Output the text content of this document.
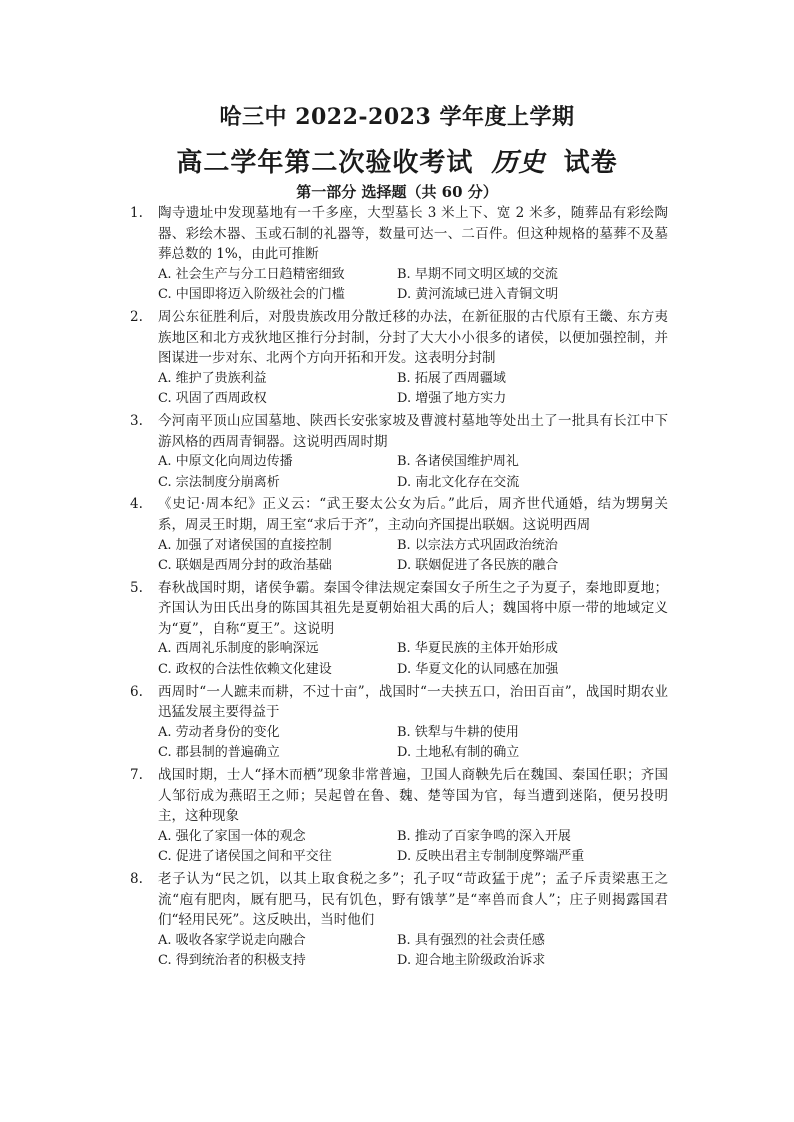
哈三中 2022-2023 学年度上学期
高二学年第二次验收考试 历史 试卷
第一部分 选择题（共 60 分）
1. 陶寺遗址中发现墓地有一千多座，大型墓长 3 米上下、宽 2 米多，随葬品有彩绘陶器、彩绘木器、玉或石制的礼器等，数量可达一、二百件。但这种规格的墓葬不及墓葬总数的 1%，由此可推断
A. 社会生产与分工日趋精密细致	B. 早期不同文明区域的交流
C. 中国即将迈入阶级社会的门槛	D. 黄河流域已进入青铜文明
2. 周公东征胜利后，对殷贵族改用分散迁移的办法，在新征服的古代原有王畿、东方夷族地区和北方戎狄地区推行分封制，分封了大大小小很多的诸侯，以便加强控制，并图谋进一步对东、北两个方向开拓和开发。这表明分封制
A. 维护了贵族利益	B. 拓展了西周疆域
C. 巩固了西周政权	D. 增强了地方实力
3. 今河南平顶山应国墓地、陕西长安张家坡及曹渡村墓地等处出土了一批具有长江中下游风格的西周青铜器。这说明西周时期
A. 中原文化向周边传播	B. 各诸侯国维护周礼
C. 宗法制度分崩离析	D. 南北文化存在交流
4. 《史记·周本纪》正义云：“武王娶太公女为后。”此后，周齐世代通婚，结为甥舅关系，周灵王时期，周王室“求后于齐”，主动向齐国提出联姻。这说明西周
A. 加强了对诸侯国的直接控制	B. 以宗法方式巩固政治统治
C. 联姻是西周分封的政治基础	D. 联姻促进了各民族的融合
5. 春秋战国时期，诸侯争霸。秦国令律法规定秦国女子所生之子为夏子，秦地即夏地；齐国认为田氏出身的陈国其祖先是夏朝始祖大禹的后人；魏国将中原一带的地域定义为“夏”，自称“夏王”。这说明
A. 西周礼乐制度的影响深远	B. 华夏民族的主体开始形成
C. 政权的合法性依赖文化建设	D. 华夏文化的认同感在加强
6. 西周时“一人蹠耒而耕，不过十亩”，战国时“一夫挟五口，治田百亩”，战国时期农业迅猛发展主要得益于
A. 劳动者身份的变化	B. 铁犁与牛耕的使用
C. 郡县制的普遍确立	D. 土地私有制的确立
7. 战国时期，士人“择木而栖”现象非常普遍，卫国人商鞅先后在魏国、秦国任职；齐国人邹衍成为燕昭王之师；吴起曾在鲁、魏、楚等国为官，每当遭到迷陷，便另投明主，这种现象
A. 强化了家国一体的观念	B. 推动了百家争鸣的深入开展
C. 促进了诸侯国之间和平交往	D. 反映出君主专制制度弊端严重
8. 老子认为“民之饥，以其上取食税之多”；孔子叹“苛政猛于虎”；孟子斥责梁惠王之流“庖有肥肉，厩有肥马，民有饥色，野有饿莩”是“率兽而食人”；庄子则揭露国君们“轻用民死”。这反映出，当时他们
A. 吸收各家学说走向融合	B. 具有强烈的社会责任感
C. 得到统治者的积极支持	D. 迎合地主阶级政治诉求
